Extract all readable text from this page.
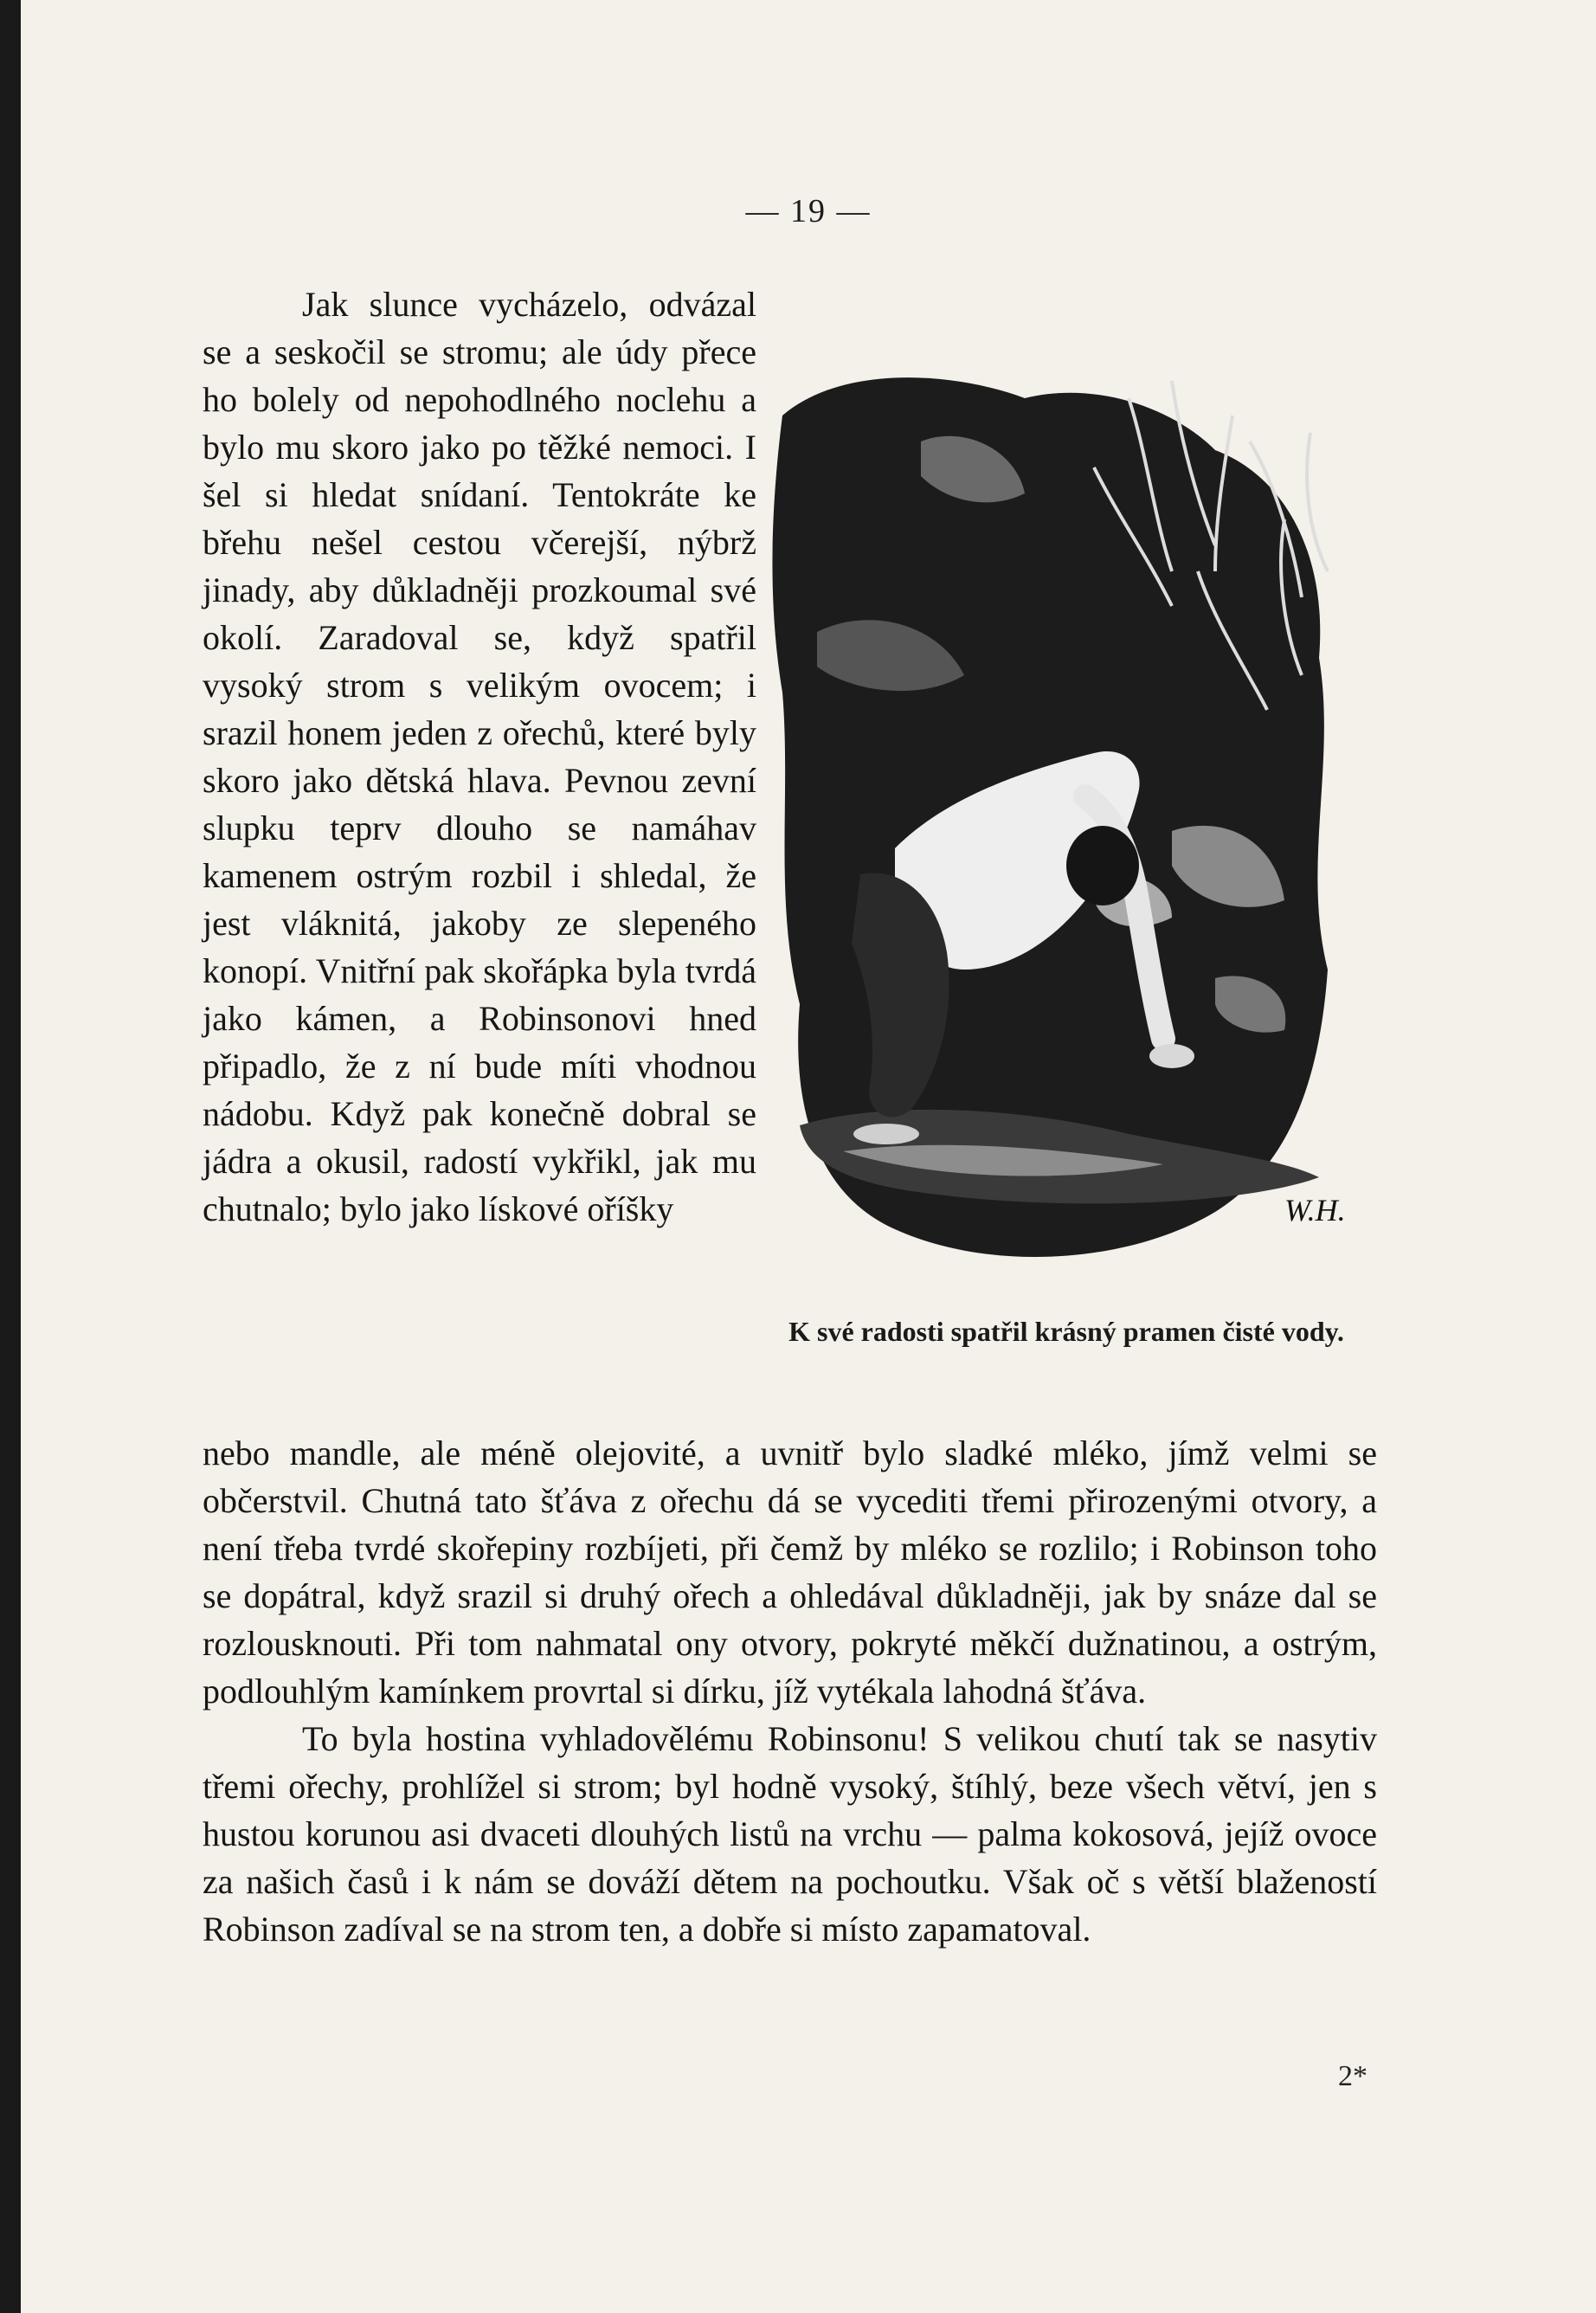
— 19 —

Jak slunce vycházelo, odvázal se a seskočil se stromu; ale údy přece ho bolely od nepohodlného noclehu a bylo mu skoro jako po těžké nemoci. I šel si hledat snídaní. Tentokráte ke břehu nešel cestou včerejší, nýbrž jinady, aby důkladněji prozkoumal své okolí. Zaradoval se, když spatřil vysoký strom s velikým ovocem; i srazil honem jeden z ořechů, které byly skoro jako dětská hlava. Pevnou zevní slupku teprv dlouho se namáhav kamenem ostrým rozbil i shledal, že jest vláknitá, jakoby ze slepeného konopí. Vnitřní pak skořápka byla tvrdá jako kámen, a Robinsonovi hned připadlo, že z ní bude míti vhodnou nádobu. Když pak konečně dobral se jádra a okusil, radostí vykřikl, jak mu chutnalo; bylo jako lískové oříšky	W.H.
K své radosti spatřil krásný pramen čisté vody.

nebo mandle, ale méně olejovité, a uvnitř bylo sladké mléko, jímž velmi se občerstvil. Chutná tato šťáva z ořechu dá se vycediti třemi přirozenými otvory, a není třeba tvrdé skořepiny rozbíjeti, při čemž by mléko se rozlilo; i Robinson toho se dopátral, když srazil si druhý ořech a ohledával důkladněji, jak by snáze dal se rozlousknouti. Při tom nahmatal ony otvory, pokryté měkčí dužnatinou, a ostrým, podlouhlým kamínkem provrtal si dírku, jíž vytékala lahodná šťáva.

To byla hostina vyhladovělému Robinsonu! S velikou chutí tak se nasytiv třemi ořechy, prohlížel si strom; byl hodně vysoký, štíhlý, beze všech větví, jen s hustou korunou asi dvaceti dlouhých listů na vrchu — palma kokosová, jejíž ovoce za našich časů i k nám se dováží dětem na pochoutku. Však oč s větší blažeností Robinson zadíval se na strom ten, a dobře si místo zapamatoval.

2*
